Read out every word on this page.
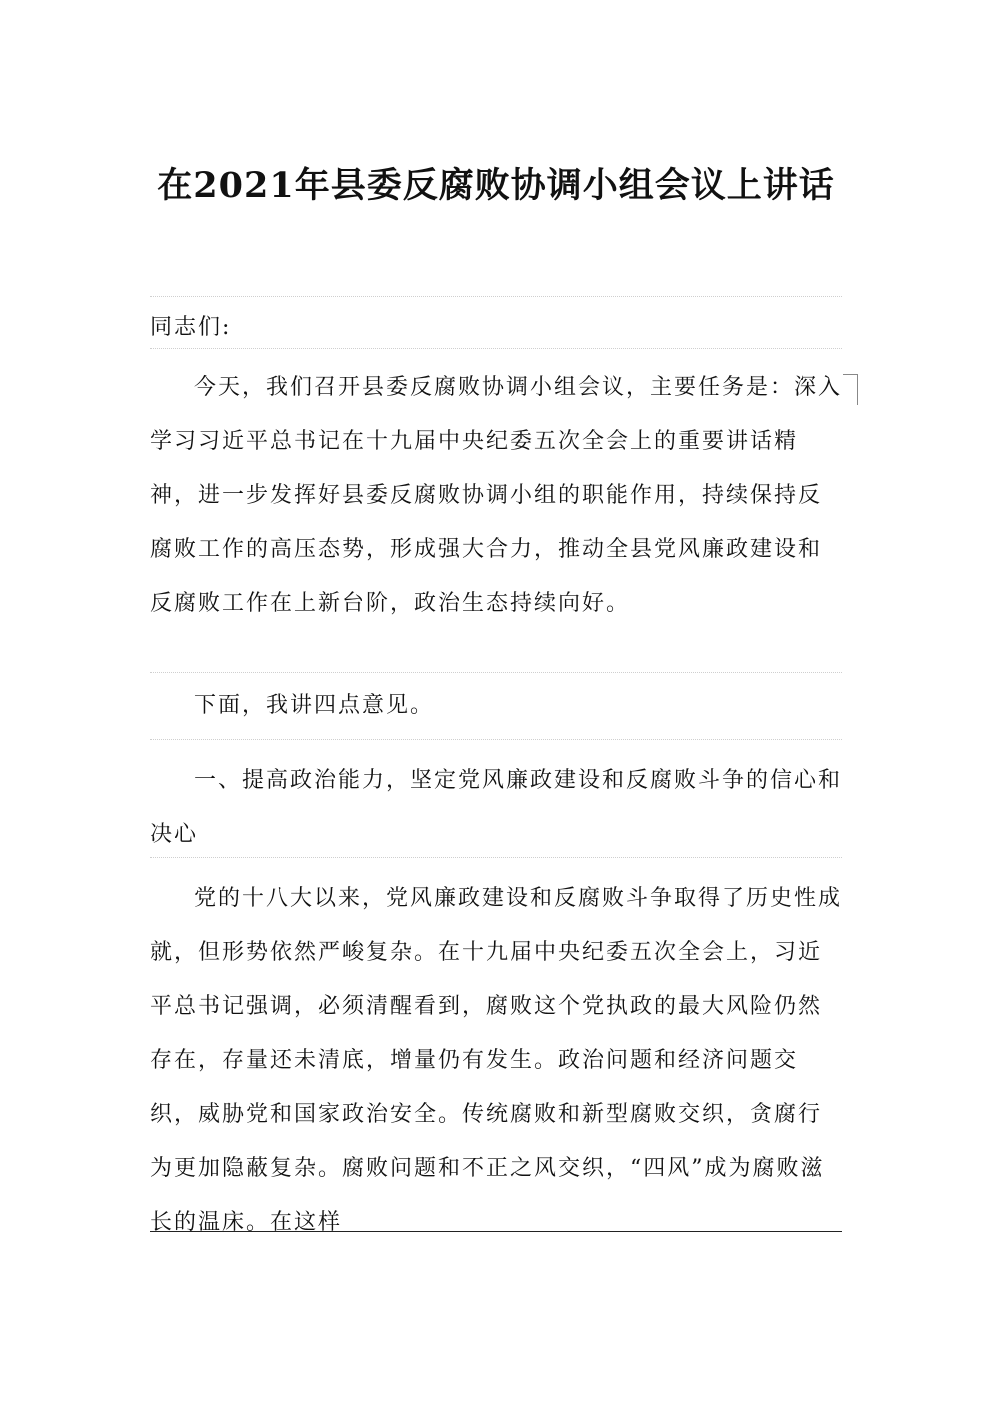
在2021年县委反腐败协调小组会议上讲话

同志们:

今天，我们召开县委反腐败协调小组会议，主要任务是：深入学习习近平总书记在十九届中央纪委五次全会上的重要讲话精神，进一步发挥好县委反腐败协调小组的职能作用，持续保持反腐败工作的高压态势，形成强大合力，推动全县党风廉政建设和反腐败工作在上新台阶，政治生态持续向好。

下面，我讲四点意见。

一、提高政治能力，坚定党风廉政建设和反腐败斗争的信心和决心

党的十八大以来，党风廉政建设和反腐败斗争取得了历史性成就，但形势依然严峻复杂。在十九届中央纪委五次全会上，习近平总书记强调，必须清醒看到，腐败这个党执政的最大风险仍然存在，存量还未清底，增量仍有发生。政治问题和经济问题交织，威胁党和国家政治安全。传统腐败和新型腐败交织，贪腐行为更加隐蔽复杂。腐败问题和不正之风交织，“四风”成为腐败滋长的温床。在这样
